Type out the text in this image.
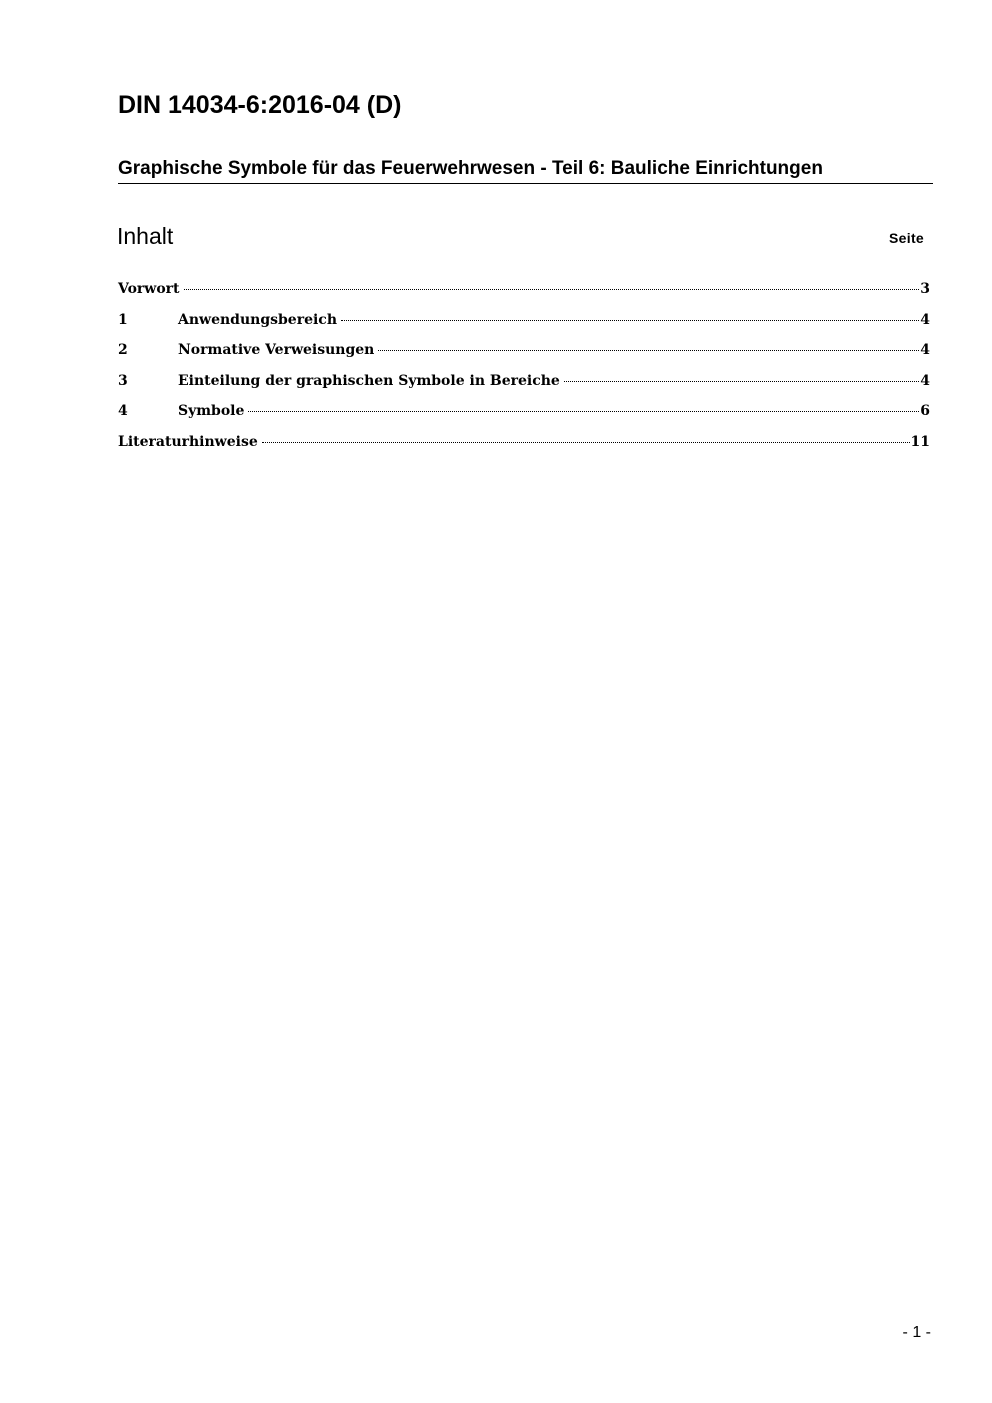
DIN 14034-6:2016-04 (D)
Graphische Symbole für das Feuerwehrwesen - Teil 6: Bauliche Einrichtungen
Inhalt	Seite
Vorwort	3
1	Anwendungsbereich	4
2	Normative Verweisungen	4
3	Einteilung der graphischen Symbole in Bereiche	4
4	Symbole	6
Literaturhinweise	11
- 1 -
